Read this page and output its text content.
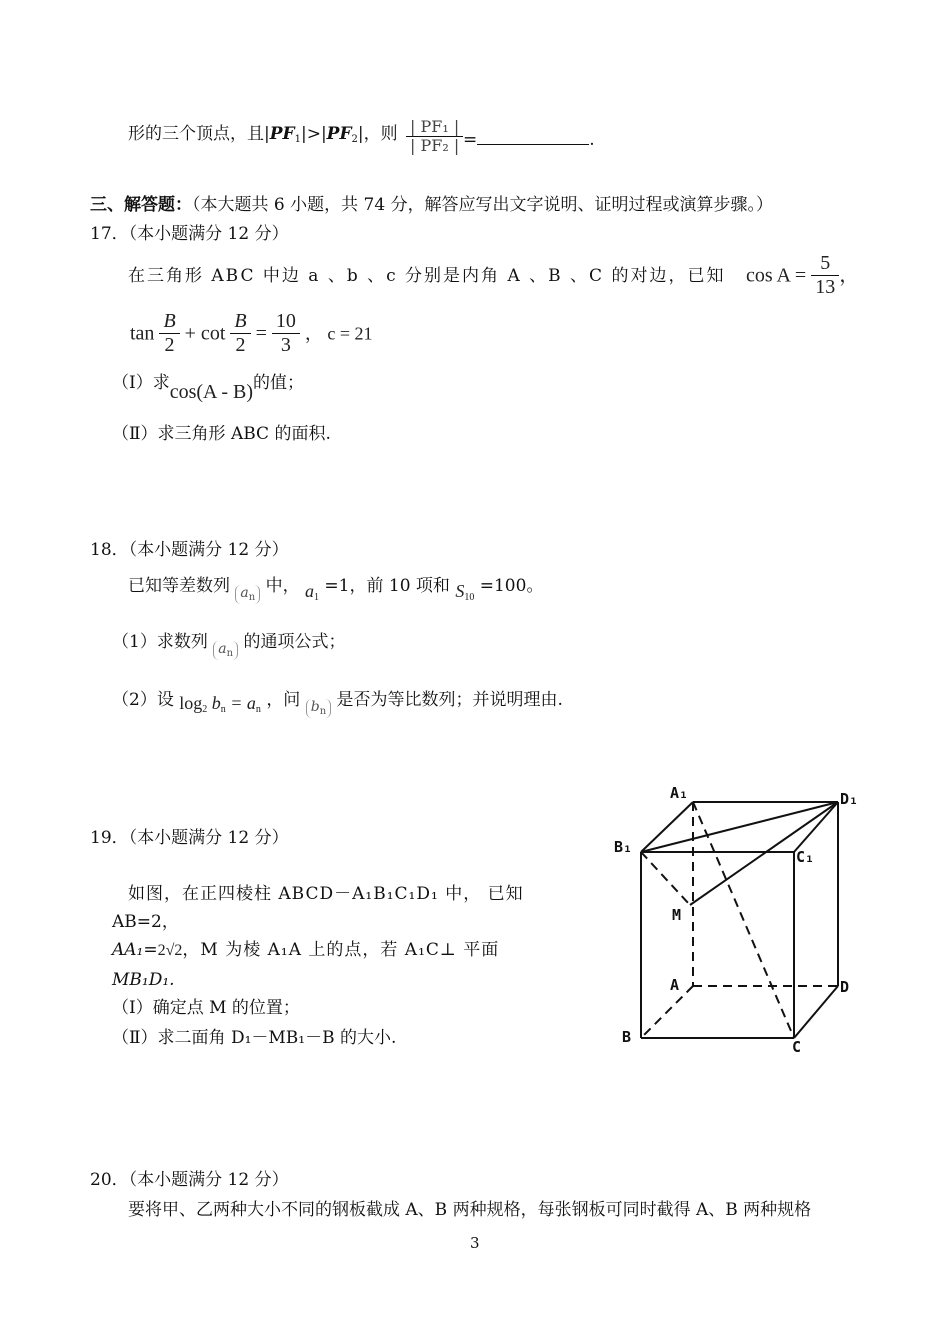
形的三个顶点，且$|PF_1|>|PF_2|$，则 $\frac{\text{| PF₁ |}}{\text{| PF₂ |}}$ =	.
三、解答题：（本大题共 6 小题，共 74 分，解答应写出文字说明、证明过程或演算步骤。）
17．（本小题满分 12 分）
在三角形 ABC 中边 a 、b 、c 分别是内角 A 、B 、C 的对边，已知 $\cos A = \frac{5}{13}$ ，
$\tan \frac{B}{2} + \cot \frac{B}{2} = \frac{10}{3}$ ， c = 21
（Ⅰ）求cos(A - B)的值；
（Ⅱ）求三角形 ABC 的面积.
18．（本小题满分 12 分）
已知等差数列 $a_n$ 中， $a_1 =1$，前 10 项和 $S_{10} =100$。
（1）求数列 $a_n$ 的通项公式；
（2）设 $\log_2 b_n = a_n$ ，问 $b_n$ 是否为等比数列；并说明理由.
19．（本小题满分 12 分）
如图，在正四棱柱 ABCD－A₁B₁C₁D₁ 中， 已知
AB=2，
AA₁=2√2，M 为棱 A₁A 上的点，若 A₁C⊥ 平面
MB₁D₁.
（Ⅰ）确定点 M 的位置；
（Ⅱ）求二面角 D₁－MB₁－B 的大小.
A₁	D₁
B₁
C₁
M
A	D
B
C
20．（本小题满分 12 分）
要将甲、乙两种大小不同的钢板截成 A、B 两种规格，每张钢板可同时截得 A、B 两种规格
3
